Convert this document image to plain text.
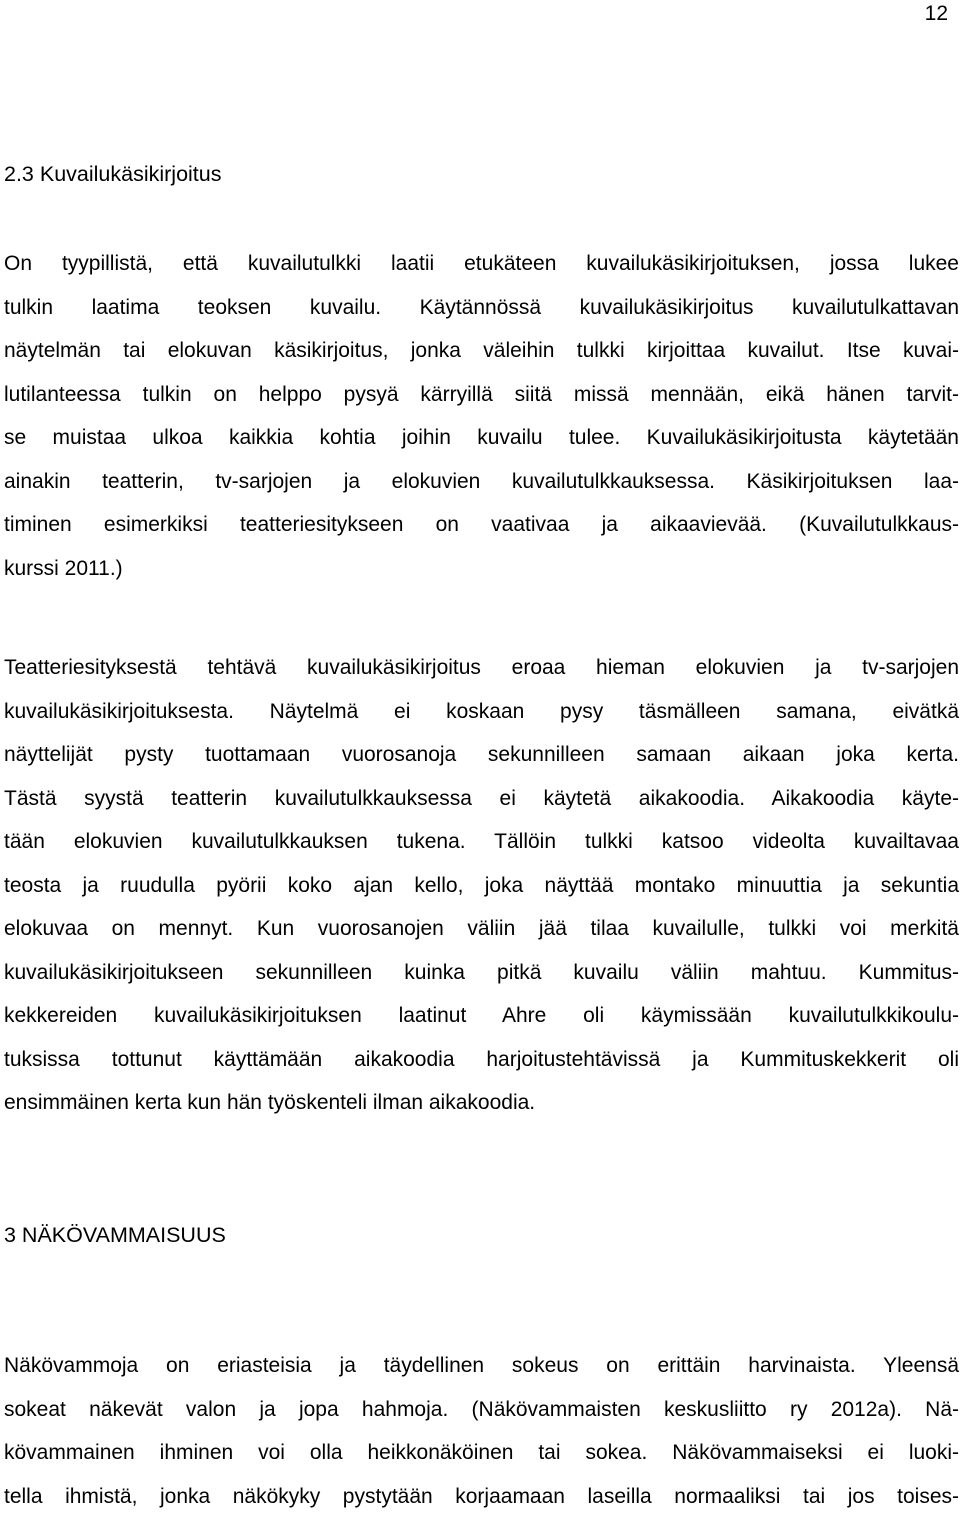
12
2.3 Kuvailukäsikirjoitus
On tyypillistä, että kuvailutulkki laatii etukäteen kuvailukäsikirjoituksen, jossa lukee
tulkin laatima teoksen kuvailu. Käytännössä kuvailukäsikirjoitus kuvailutulkattavan
näytelmän tai elokuvan käsikirjoitus, jonka väleihin tulkki kirjoittaa kuvailut. Itse kuvai-
lutilanteessa tulkin on helppo pysyä kärryillä siitä missä mennään, eikä hänen tarvit-
se muistaa ulkoa kaikkia kohtia joihin kuvailu tulee. Kuvailukäsikirjoitusta käytetään
ainakin teatterin, tv-sarjojen ja elokuvien kuvailutulkkauksessa. Käsikirjoituksen laa-
timinen esimerkiksi teatteriesitykseen on vaativaa ja aikaavievää. (Kuvailutulkkaus-
kurssi 2011.)
Teatteriesityksestä tehtävä kuvailukäsikirjoitus eroaa hieman elokuvien ja tv-sarjojen
kuvailukäsikirjoituksesta. Näytelmä ei koskaan pysy täsmälleen samana, eivätkä
näyttelijät pysty tuottamaan vuorosanoja sekunnilleen samaan aikaan joka kerta.
Tästä syystä teatterin kuvailutulkkauksessa ei käytetä aikakoodia. Aikakoodia käyte-
tään elokuvien kuvailutulkkauksen tukena. Tällöin tulkki katsoo videolta kuvailtavaa
teosta ja ruudulla pyörii koko ajan kello, joka näyttää montako minuuttia ja sekuntia
elokuvaa on mennyt. Kun vuorosanojen väliin jää tilaa kuvailulle, tulkki voi merkitä
kuvailukäsikirjoitukseen sekunnilleen kuinka pitkä kuvailu väliin mahtuu. Kummitus-
kekkereiden kuvailukäsikirjoituksen laatinut Ahre oli käymissään kuvailutulkkikoulu-
tuksissa tottunut käyttämään aikakoodia harjoitustehtävissä ja Kummituskekkerit oli
ensimmäinen kerta kun hän työskenteli ilman aikakoodia.
3 NÄKÖVAMMAISUUS
Näkövammoja on eriasteisia ja täydellinen sokeus on erittäin harvinaista. Yleensä
sokeat näkevät valon ja jopa hahmoja. (Näkövammaisten keskusliitto ry 2012a). Nä-
kövammainen ihminen voi olla heikkonäköinen tai sokea. Näkövammaiseksi ei luoki-
tella ihmistä, jonka näkökyky pystytään korjaamaan laseilla normaaliksi tai jos toises-
